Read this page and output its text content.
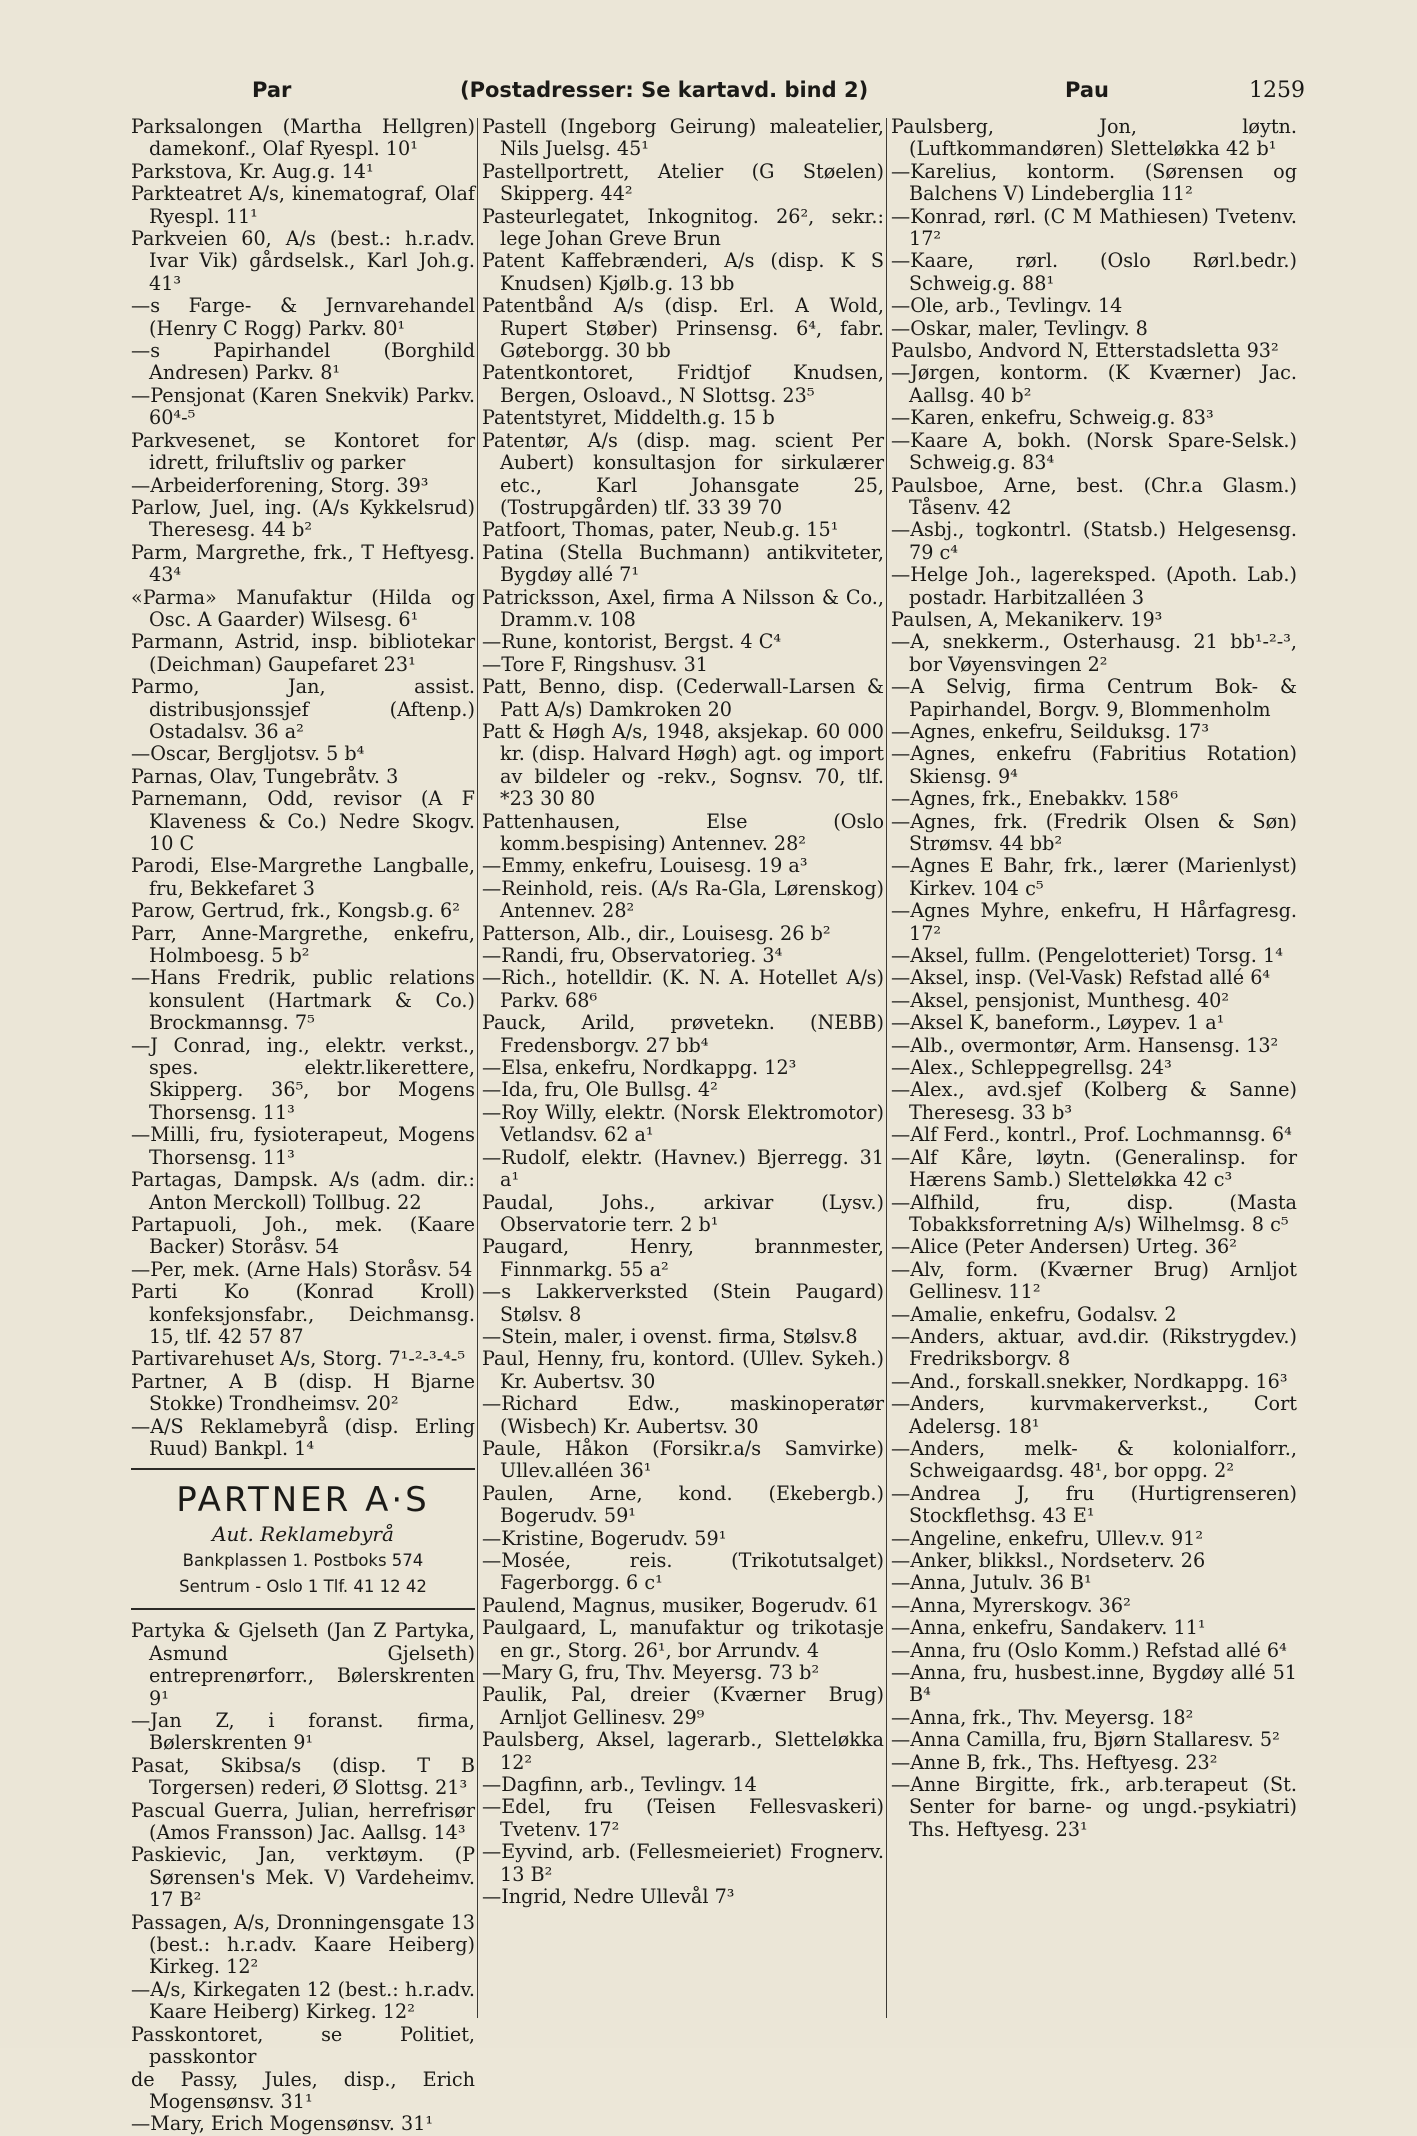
Par	(Postadresser: Se kartavd. bind 2)	Pau	1259

Parksalongen (Martha Hellgren) damekonf., Olaf Ryespl. 10¹

Parkstova, Kr. Aug.g. 14¹

Parkteatret A/s, kinematograf, Olaf Ryespl. 11¹

Parkveien 60, A/s (best.: h.r.adv. Ivar Vik) gårdselsk., Karl Joh.g. 41³

—s Farge- & Jernvarehandel (Henry C Rogg) Parkv. 80¹

—s Papirhandel (Borghild Andresen) Parkv. 8¹

—Pensjonat (Karen Snekvik) Parkv. 60⁴‑⁵

Parkvesenet, se Kontoret for idrett, friluftsliv og parker

—Arbeiderforening, Storg. 39³

Parlow, Juel, ing. (A/s Kykkelsrud) Theresesg. 44 b²

Parm, Margrethe, frk., T Heftyesg. 43⁴

«Parma» Manufaktur (Hilda og Osc. A Gaarder) Wilsesg. 6¹

Parmann, Astrid, insp. bibliotekar (Deichman) Gaupefaret 23¹

Parmo, Jan, assist. distribusjonssjef (Aftenp.) Ostadalsv. 36 a²

—Oscar, Bergljotsv. 5 b⁴

Parnas, Olav, Tungebråtv. 3

Parnemann, Odd, revisor (A F Klaveness & Co.) Nedre Skogv. 10 C

Parodi, Else-Margrethe Langballe, fru, Bekkefaret 3

Parow, Gertrud, frk., Kongsb.g. 6²

Parr, Anne-Margrethe, enkefru, Holmboesg. 5 b²

—Hans Fredrik, public relations konsulent (Hartmark & Co.) Brockmannsg. 7⁵

—J Conrad, ing., elektr. verkst., spes. elektr.likerettere, Skipperg. 36⁵, bor Mogens Thorsensg. 11³

—Milli, fru, fysioterapeut, Mogens Thorsensg. 11³

Partagas, Dampsk. A/s (adm. dir.: Anton Merckoll) Tollbug. 22

Partapuoli, Joh., mek. (Kaare Backer) Storåsv. 54

—Per, mek. (Arne Hals) Storåsv. 54

Parti Ko (Konrad Kroll) konfeksjonsfabr., Deichmansg. 15, tlf. 42 57 87

Partivarehuset A/s, Storg. 7¹‑²‑³‑⁴‑⁵

Partner, A B (disp. H Bjarne Stokke) Trondheimsv. 20²

—A/S Reklamebyrå (disp. Erling Ruud) Bankpl. 1⁴

PARTNER A·S
Aut. Reklamebyrå
Bankplassen 1. Postboks 574
Sentrum - Oslo 1 Tlf. 41 12 42

Partyka & Gjelseth (Jan Z Partyka, Asmund Gjelseth) entreprenørforr., Bølerskrenten 9¹

—Jan Z, i foranst. firma, Bølerskrenten 9¹

Pasat, Skibsa/s (disp. T B Torgersen) rederi, Ø Slottsg. 21³

Pascual Guerra, Julian, herrefrisør (Amos Fransson) Jac. Aallsg. 14³

Paskievic, Jan, verktøym. (P Sørensen's Mek. V) Vardeheimv. 17 B²

Passagen, A/s, Dronningensgate 13 (best.: h.r.adv. Kaare Heiberg) Kirkeg. 12²

—A/s, Kirkegaten 12 (best.: h.r.adv. Kaare Heiberg) Kirkeg. 12²

Passkontoret, se Politiet, passkontor

de Passy, Jules, disp., Erich Mogensønsv. 31¹

—Mary, Erich Mogensønsv. 31¹

Pastell (Ingeborg Geirung) maleatelier, Nils Juelsg. 45¹

Pastellportrett, Atelier (G Støelen) Skipperg. 44²

Pasteurlegatet, Inkognitog. 26², sekr.: lege Johan Greve Brun

Patent Kaffebrænderi, A/s (disp. K S Knudsen) Kjølb.g. 13 bb

Patentbånd A/s (disp. Erl. A Wold, Rupert Støber) Prinsensg. 6⁴, fabr. Gøteborgg. 30 bb

Patentkontoret, Fridtjof Knudsen, Bergen, Osloavd., N Slottsg. 23⁵

Patentstyret, Middelth.g. 15 b

Patentør, A/s (disp. mag. scient Per Aubert) konsultasjon for sirkulærer etc., Karl Johansgate 25, (Tostrupgården) tlf. 33 39 70

Patfoort, Thomas, pater, Neub.g. 15¹

Patina (Stella Buchmann) antikviteter, Bygdøy allé 7¹

Patricksson, Axel, firma A Nilsson & Co., Dramm.v. 108

—Rune, kontorist, Bergst. 4 C⁴

—Tore F, Ringshusv. 31

Patt, Benno, disp. (Cederwall-Larsen & Patt A/s) Damkroken 20

Patt & Høgh A/s, 1948, aksjekap. 60 000 kr. (disp. Halvard Høgh) agt. og import av bildeler og -rekv., Sognsv. 70, tlf. *23 30 80

Pattenhausen, Else (Oslo komm.bespising) Antennev. 28²

—Emmy, enkefru, Louisesg. 19 a³

—Reinhold, reis. (A/s Ra-Gla, Lørenskog) Antennev. 28²

Patterson, Alb., dir., Louisesg. 26 b²

—Randi, fru, Observatorieg. 3⁴

—Rich., hotelldir. (K. N. A. Hotellet A/s) Parkv. 68⁶

Pauck, Arild, prøvetekn. (NEBB) Fredensborgv. 27 bb⁴

—Elsa, enkefru, Nordkappg. 12³

—Ida, fru, Ole Bullsg. 4²

—Roy Willy, elektr. (Norsk Elektromotor) Vetlandsv. 62 a¹

—Rudolf, elektr. (Havnev.) Bjerregg. 31 a¹

Paudal, Johs., arkivar (Lysv.) Observatorie terr. 2 b¹

Paugard, Henry, brannmester, Finnmarkg. 55 a²

—s Lakkerverksted (Stein Paugard) Stølsv. 8

—Stein, maler, i ovenst. firma, Stølsv.8

Paul, Henny, fru, kontord. (Ullev. Sykeh.) Kr. Aubertsv. 30

—Richard Edw., maskinoperatør (Wisbech) Kr. Aubertsv. 30

Paule, Håkon (Forsikr.a/s Samvirke) Ullev.alléen 36¹

Paulen, Arne, kond. (Ekebergb.) Bogerudv. 59¹

—Kristine, Bogerudv. 59¹

—Mosée, reis. (Trikotutsalget) Fagerborgg. 6 c¹

Paulend, Magnus, musiker, Bogerudv. 61

Paulgaard, L, manufaktur og trikotasje en gr., Storg. 26¹, bor Arrundv. 4

—Mary G, fru, Thv. Meyersg. 73 b²

Paulik, Pal, dreier (Kværner Brug) Arnljot Gellinesv. 29⁹

Paulsberg, Aksel, lagerarb., Sletteløkka 12²

—Dagfinn, arb., Tevlingv. 14

—Edel, fru (Teisen Fellesvaskeri) Tvetenv. 17²

—Eyvind, arb. (Fellesmeieriet) Frognerv. 13 B²

—Ingrid, Nedre Ullevål 7³

Paulsberg, Jon, løytn. (Luftkommandøren) Sletteløkka 42 b¹

—Karelius, kontorm. (Sørensen og Balchens V) Lindeberglia 11²

—Konrad, rørl. (C M Mathiesen) Tvetenv. 17²

—Kaare, rørl. (Oslo Rørl.bedr.) Schweig.g. 88¹

—Ole, arb., Tevlingv. 14

—Oskar, maler, Tevlingv. 8

Paulsbo, Andvord N, Etterstadsletta 93²

—Jørgen, kontorm. (K Kværner) Jac. Aallsg. 40 b²

—Karen, enkefru, Schweig.g. 83³

—Kaare A, bokh. (Norsk Spare-Selsk.) Schweig.g. 83⁴

Paulsboe, Arne, best. (Chr.a Glasm.) Tåsenv. 42

—Asbj., togkontrl. (Statsb.) Helgesensg. 79 c⁴

—Helge Joh., lagereksped. (Apoth. Lab.) postadr. Harbitzalléen 3

Paulsen, A, Mekanikerv. 19³

—A, snekkerm., Osterhausg. 21 bb¹‑²‑³, bor Vøyensvingen 2²

—A Selvig, firma Centrum Bok- & Papirhandel, Borgv. 9, Blommenholm

—Agnes, enkefru, Seilduksg. 17³

—Agnes, enkefru (Fabritius Rotation) Skiensg. 9⁴

—Agnes, frk., Enebakkv. 158⁶

—Agnes, frk. (Fredrik Olsen & Søn) Strømsv. 44 bb²

—Agnes E Bahr, frk., lærer (Marienlyst) Kirkev. 104 c⁵

—Agnes Myhre, enkefru, H Hårfagresg. 17²

—Aksel, fullm. (Pengelotteriet) Torsg. 1⁴

—Aksel, insp. (Vel-Vask) Refstad allé 6⁴

—Aksel, pensjonist, Munthesg. 40²

—Aksel K, baneform., Løypev. 1 a¹

—Alb., overmontør, Arm. Hansensg. 13²

—Alex., Schleppegrellsg. 24³

—Alex., avd.sjef (Kolberg & Sanne) Theresesg. 33 b³

—Alf Ferd., kontrl., Prof. Lochmannsg. 6⁴

—Alf Kåre, løytn. (Generalinsp. for Hærens Samb.) Sletteløkka 42 c³

—Alfhild, fru, disp. (Masta Tobakksforretning A/s) Wilhelmsg. 8 c⁵

—Alice (Peter Andersen) Urteg. 36²

—Alv, form. (Kværner Brug) Arnljot Gellinesv. 11²

—Amalie, enkefru, Godalsv. 2

—Anders, aktuar, avd.dir. (Rikstrygdev.) Fredriksborgv. 8

—And., forskall.snekker, Nordkappg. 16³

—Anders, kurvmakerverkst., Cort Adelersg. 18¹

—Anders, melk- & kolonialforr., Schweigaardsg. 48¹, bor oppg. 2²

—Andrea J, fru (Hurtigrenseren) Stockflethsg. 43 E¹

—Angeline, enkefru, Ullev.v. 91²

—Anker, blikksl., Nordseterv. 26

—Anna, Jutulv. 36 B¹

—Anna, Myrerskogv. 36²

—Anna, enkefru, Sandakerv. 11¹

—Anna, fru (Oslo Komm.) Refstad allé 6⁴

—Anna, fru, husbest.inne, Bygdøy allé 51 B⁴

—Anna, frk., Thv. Meyersg. 18²

—Anna Camilla, fru, Bjørn Stallaresv. 5²

—Anne B, frk., Ths. Heftyesg. 23²

—Anne Birgitte, frk., arb.terapeut (St. Senter for barne- og ungd.-psykiatri) Ths. Heftyesg. 23¹
